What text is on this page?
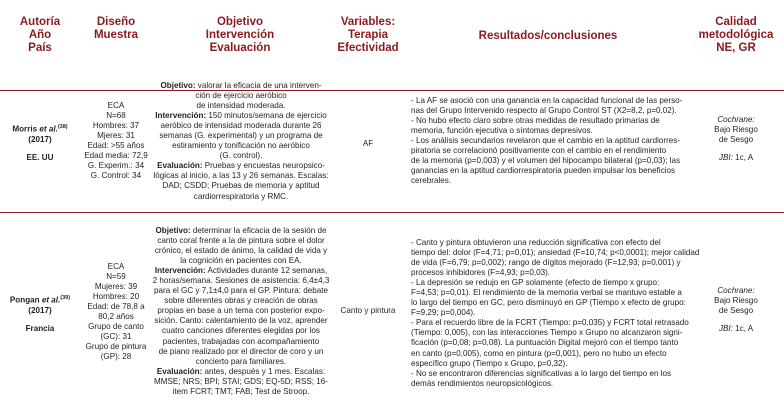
Autoría
Año
País
Diseño
Muestra
Objetivo
Intervención
Evaluación
Variables:
Terapia
Efectividad
Resultados/conclusiones
Calidad
metodológica
NE, GR
Morris et al.$^{(38)}$
(2017)
EE. UU
ECA
N=68
Hombres: 37
Mjeres: 31
Edad: >55 años
Edad media: 72,9
G. Experim.: 34
G. Control: 34
Objetivo: valorar la eficacia de una interven-
ción de ejercicio aeróbico
de intensidad moderada.
Intervención: 150 minutos/semana de ejercicio
aeróbico de intensidad moderada durante 26
semanas (G. experimental) y un programa de
estiramiento y tonificación no aeróbico
(G. control).
Evaluación: Pruebas y encuestas neuropsico-
lógicas al inicio, a las 13 y 26 semanas. Escalas:
DAD; CSDD; Pruebas de memoria y aptitud
cardiorrespiratoria y RMC.
AF
- La AF se asoció con una ganancia en la capacidad funcional de las perso-
nas del Grupo Intervenido respecto al Grupo Control ST (X2=8,2, p=0,02).
- No hubo efecto claro sobre otras medidas de resultado primarias de
memoria, función ejecutiva o síntomas depresivos.
- Los análisis secundarios revelaron que el cambio en la aptitud cardiorres-
piratoria se correlacionó positivamente con el cambio en el rendimiento
de la memoria (p=0,003) y el volumen del hipocampo bilateral (p=0,03); las
ganancias en la aptitud cardiorrespiratoria pueden impulsar los beneficios
cerebrales.
Cochrane:
Bajo Riesgo
de Sesgo
JBI: 1c, A
Pongan et al.$^{(39)}$
(2017)
Francia
ECA
N=59
Mujeres: 39
Hombres: 20
Edad: de 78,8 a
80,2 años
Grupo de canto
(GC): 31
Grupo de pintura
(GP): 28
Objetivo: determinar la eficacia de la sesión de
canto coral frente a la de pintura sobre el dolor
crónico, el estado de ánimo, la calidad de vida y
la cognición en pacientes con EA.
Intervención: Actividades durante 12 semanas,
2 horas/semana. Sesiones de asistencia: 6,4±4,3
para el GC y 7,1±4,0 para el GP. Pintura: debate
sobre diferentes obras y creación de obras
propias en base a un tema con posterior expo-
sición. Canto: calentamiento de la voz, aprender
cuatro canciones diferentes elegidas por los
pacientes, trabajadas con acompañamiento
de piano realizado por el director de coro y un
concierto para familiares.
Evaluación: antes, después y 1 mes. Escalas:
MMSE; NRS; BPI; STAI; GDS; EQ-5D; RSS; 16-
item FCRT; TMT; FAB; Test de Stroop.
Canto y pintura
- Canto y pintura obtuvieron una reducción significativa con efecto del
tiempo del: dolor (F=4,71; p=0,01); ansiedad (F=10,74; p<0,0001); mejor calidad
de vida (F=6,79; p=0,002); rango de dígitos mejorado (F=12,93; p=0,001) y
procesos inhibidores (F=4,93; p=0,03).
- La depresión se redujo en GP solamente (efecto de tiempo x grupo:
F=4,53; p=0,01). El rendimiento de la memoria verbal se mantuvo estable a
lo largo del tiempo en GC, pero disminuyó en GP (Tiempo x efecto de grupo:
F=9,29; p=0,004).
- Para el recuerdo libre de la FCRT (Tiempo: p=0,035) y FCRT total retrasado
(Tiempo: 0,005), con las interacciones Tiempo x Grupo no alcanzaron signi-
ficación (p=0,08; p=0,08). La puntuación Digital mejoró con el tiempo tanto
en canto (p=0,005), como en pintura (p=0,001), pero no hubo un efecto
específico grupo (Tiempo x Grupo, p=0,32).
- No se encontraron diferencias significativas a lo largo del tiempo en los
demás rendimientos neuropsicológicos.
Cochrane:
Bajo Riesgo
de Sesgo
JBI: 1c, A
